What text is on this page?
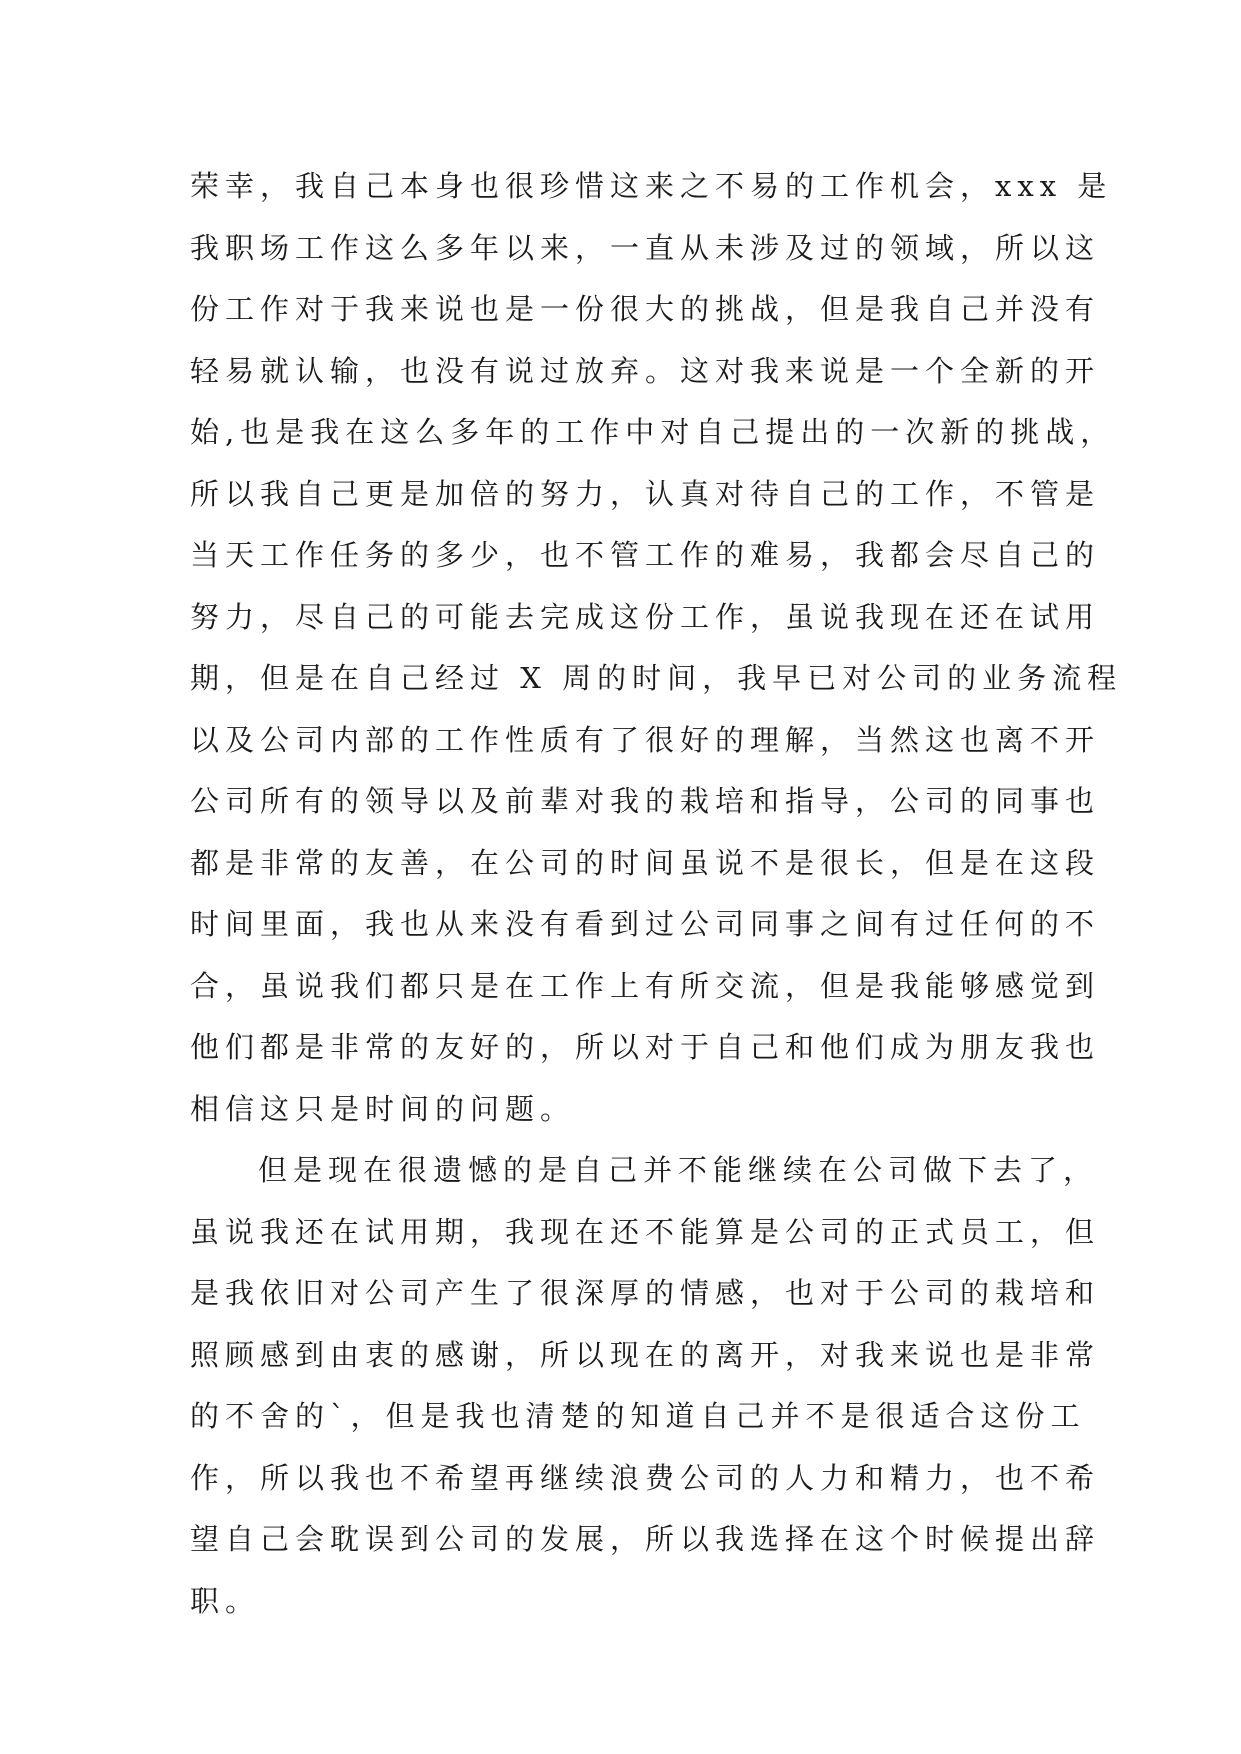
荣幸，我自己本身也很珍惜这来之不易的工作机会，xxx 是
我职场工作这么多年以来，一直从未涉及过的领域，所以这
份工作对于我来说也是一份很大的挑战，但是我自己并没有
轻易就认输，也没有说过放弃。这对我来说是一个全新的开
始,也是我在这么多年的工作中对自己提出的一次新的挑战，
所以我自己更是加倍的努力，认真对待自己的工作，不管是
当天工作任务的多少，也不管工作的难易，我都会尽自己的
努力，尽自己的可能去完成这份工作，虽说我现在还在试用
期，但是在自己经过 X 周的时间，我早已对公司的业务流程
以及公司内部的工作性质有了很好的理解，当然这也离不开
公司所有的领导以及前辈对我的栽培和指导，公司的同事也
都是非常的友善，在公司的时间虽说不是很长，但是在这段
时间里面，我也从来没有看到过公司同事之间有过任何的不
合，虽说我们都只是在工作上有所交流，但是我能够感觉到
他们都是非常的友好的，所以对于自己和他们成为朋友我也
相信这只是时间的问题。
但是现在很遗憾的是自己并不能继续在公司做下去了，
虽说我还在试用期，我现在还不能算是公司的正式员工，但
是我依旧对公司产生了很深厚的情感，也对于公司的栽培和
照顾感到由衷的感谢，所以现在的离开，对我来说也是非常
的不舍的`，但是我也清楚的知道自己并不是很适合这份工
作，所以我也不希望再继续浪费公司的人力和精力，也不希
望自己会耽误到公司的发展，所以我选择在这个时候提出辞
职。
